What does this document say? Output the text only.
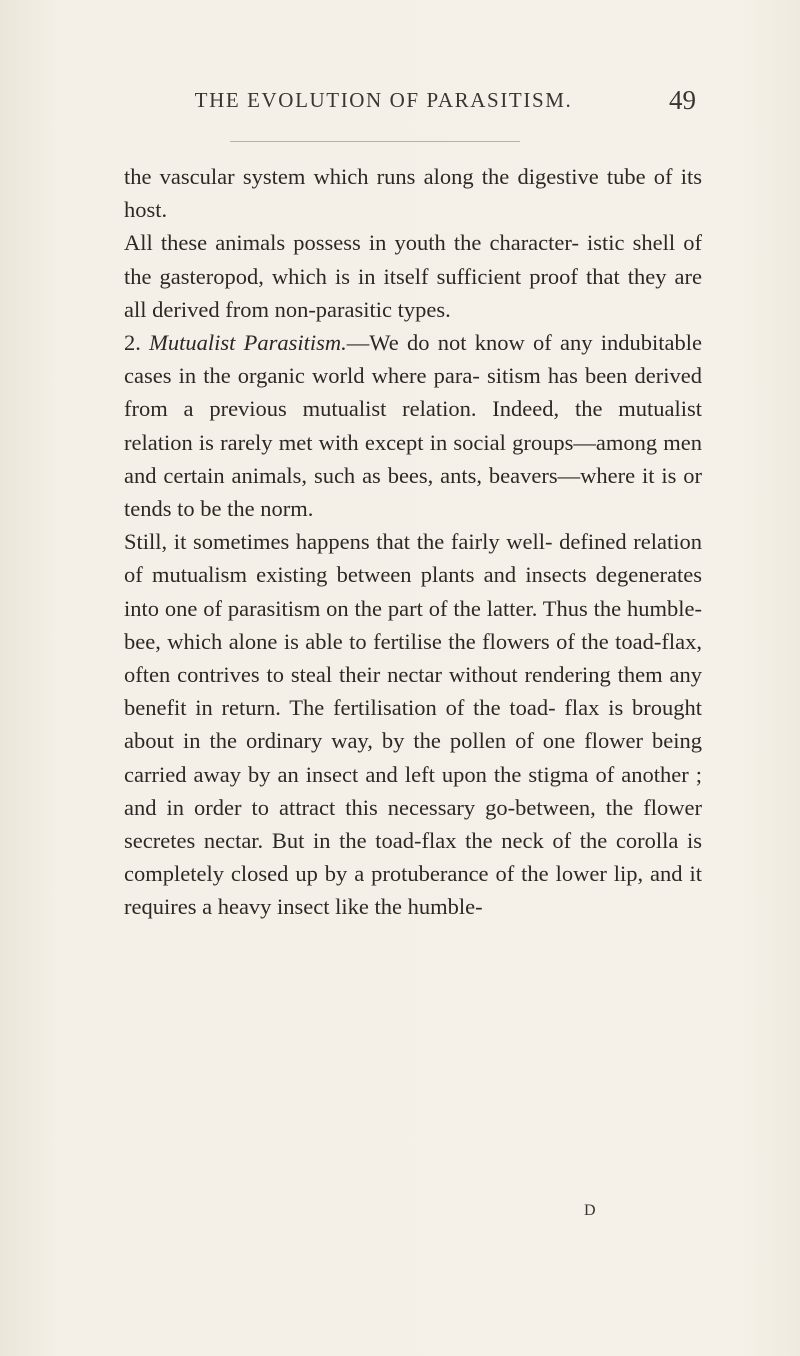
THE EVOLUTION OF PARASITISM.	49

the vascular system which runs along the digestive tube of its host.

All these animals possess in youth the character- istic shell of the gasteropod, which is in itself sufficient proof that they are all derived from non-parasitic types.

2. Mutualist Parasitism.—We do not know of any indubitable cases in the organic world where para- sitism has been derived from a previous mutualist relation. Indeed, the mutualist relation is rarely met with except in social groups—among men and certain animals, such as bees, ants, beavers—where it is or tends to be the norm.

Still, it sometimes happens that the fairly well- defined relation of mutualism existing between plants and insects degenerates into one of parasitism on the part of the latter. Thus the humble-bee, which alone is able to fertilise the flowers of the toad-flax, often contrives to steal their nectar without rendering them any benefit in return. The fertilisation of the toad- flax is brought about in the ordinary way, by the pollen of one flower being carried away by an insect and left upon the stigma of another ; and in order to attract this necessary go-between, the flower secretes nectar. But in the toad-flax the neck of the corolla is completely closed up by a protuberance of the lower lip, and it requires a heavy insect like the humble-

D
